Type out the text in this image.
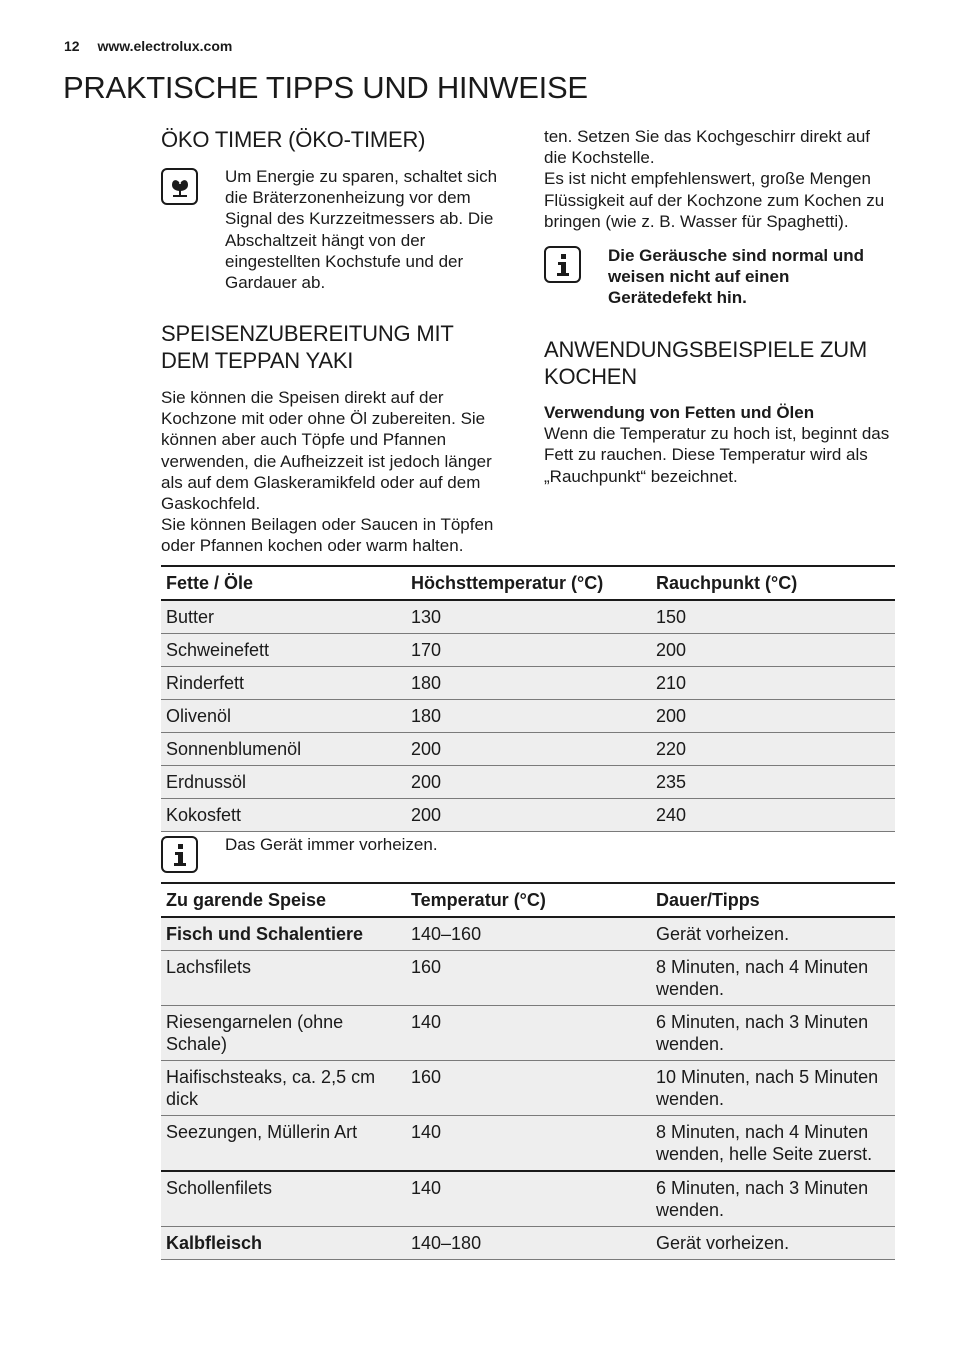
12 www.electrolux.com
PRAKTISCHE TIPPS UND HINWEISE
ÖKO TIMER (ÖKO-TIMER)

Um Energie zu sparen, schaltet sich die Bräterzonenheizung vor dem Signal des Kurzzeitmessers ab. Die Abschaltzeit hängt von der eingestellten Kochstufe und der Gardauer ab.

SPEISENZUBEREITUNG MIT DEM TEPPAN YAKI

Sie können die Speisen direkt auf der Kochzone mit oder ohne Öl zubereiten. Sie können aber auch Töpfe und Pfannen verwenden, die Aufheizzeit ist jedoch länger als auf dem Glaskeramikfeld oder auf dem Gaskochfeld.

Sie können Beilagen oder Saucen in Töpfen oder Pfannen kochen oder warm halten.

ten. Setzen Sie das Kochgeschirr direkt auf die Kochstelle.

Es ist nicht empfehlenswert, große Mengen Flüssigkeit auf der Kochzone zum Kochen zu bringen (wie z. B. Wasser für Spaghetti).

Die Geräusche sind normal und weisen nicht auf einen Gerätedefekt hin.
ANWENDUNGSBEISPIELE ZUM KOCHEN

Verwendung von Fetten und Ölen

Wenn die Temperatur zu hoch ist, beginnt das Fett zu rauchen. Diese Temperatur wird als „Rauchpunkt“ bezeichnet.

Fette / Öle	Höchsttemperatur (°C)	Rauchpunkt (°C)
Butter	130	150
Schweinefett	170	200
Rinderfett	180	210
Olivenöl	180	200
Sonnenblumenöl	200	220
Erdnussöl	200	235
Kokosfett	200	240
Das Gerät immer vorheizen.
Zu garende Speise	Temperatur (°C)	Dauer/Tipps
Fisch und Schalentiere	140–160	Gerät vorheizen.
Lachsfilets	160	8 Minuten, nach 4 Minuten wenden.
Riesengarnelen (ohne Schale)	140	6 Minuten, nach 3 Minuten wenden.
Haifischsteaks, ca. 2,5 cm dick	160	10 Minuten, nach 5 Minuten wenden.
Seezungen, Müllerin Art	140	8 Minuten, nach 4 Minuten wenden, helle Seite zuerst.
Schollenfilets	140	6 Minuten, nach 3 Minuten wenden.
Kalbfleisch	140–180	Gerät vorheizen.
